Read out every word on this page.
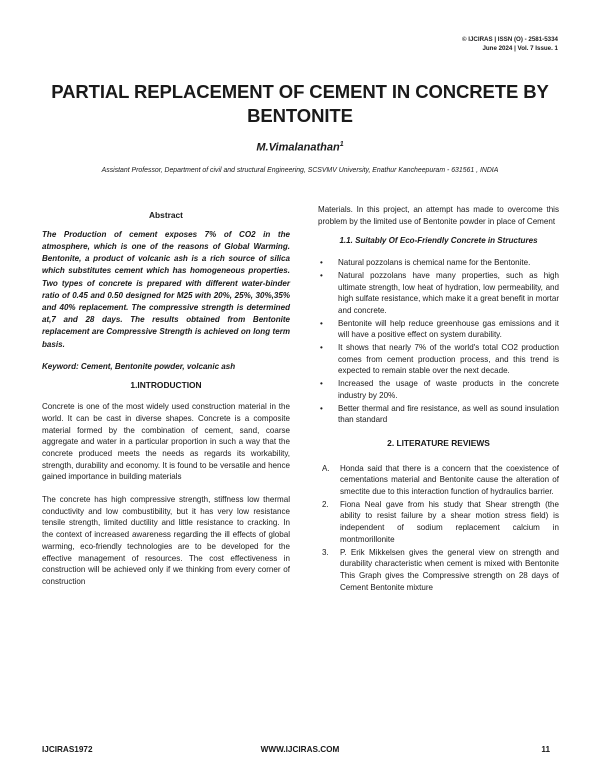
© IJCIRAS | ISSN (O) - 2581-5334
June 2024 | Vol. 7 Issue. 1
PARTIAL REPLACEMENT OF CEMENT IN CONCRETE BY BENTONITE
M.Vimalanathan$^1$
Assistant Professor, Department of civil and structural Engineering, SCSVMV University, Enathur Kancheepuram - 631561 , INDIA
Abstract

The Production of cement exposes 7% of CO2 in the atmosphere, which is one of the reasons of Global Warming. Bentonite, a product of volcanic ash is a rich source of silica which substitutes cement which has homogeneous properties. Two types of concrete is prepared with different water-binder ratio of 0.45 and 0.50 designed for M25 with 20%, 25%, 30%,35% and 40% replacement. The compressive strength is determined at,7 and 28 days. The results obtained from Bentonite replacement are Compressive Strength is achieved on long term basis.

Keyword: Cement, Bentonite powder, volcanic ash

1.INTRODUCTION

Concrete is one of the most widely used construction material in the world. It can be cast in diverse shapes. Concrete is a composite material formed by the combination of cement, sand, coarse aggregate and water in a particular proportion in such a way that the concrete produced meets the needs as regards its workability, strength, durability and economy. It is found to be versatile and hence gained importance in building materials

The concrete has high compressive strength, stiffness low thermal conductivity and low combustibility, but it has very low resistance tensile strength, limited ductility and little resistance to cracking. In the context of increased awareness regarding the ill effects of global warming, eco-friendly technologies are to be developed for the effective management of resources. The cost effectiveness in construction will be achieved only if we thinking from every corner of construction

Materials. In this project, an attempt has made to overcome this problem by the limited use of Bentonite powder in place of Cement

1.1. Suitably Of Eco-Friendly Concrete in Structures
• Natural pozzolans is chemical name for the Bentonite.
• Natural pozzolans have many properties, such as high ultimate strength, low heat of hydration, low permeability, and high sulfate resistance, which make it a great benefit in mortar and concrete.
• Bentonite will help reduce greenhouse gas emissions and it will have a positive effect on system durability.
• It shows that nearly 7% of the world's total CO2 production comes from cement production process, and this trend is expected to remain stable over the next decade.
• Increased the usage of waste products in the concrete industry by 20%.
• Better thermal and fire resistance, as well as sound insulation than standard
2. LITERATURE REVIEWS
A. Honda said that there is a concern that the coexistence of cementations material and Bentonite cause the alteration of smectite due to this interaction function of hydraulics barrier.
2. Fiona Neal gave from his study that Shear strength (the ability to resist failure by a shear motion stress field) is independent of sodium replacement calcium in montmorillonite
3. P. Erik Mikkelsen gives the general view on strength and durability characteristic when cement is mixed with Bentonite This Graph gives the Compressive strength on 28 days of Cement Bentonite mixture
IJCIRAS1972	WWW.IJCIRAS.COM	11
